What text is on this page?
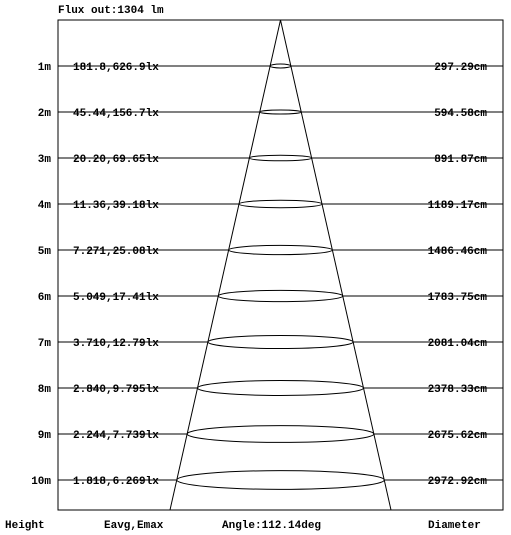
Flux out:1304 lm
1m 181.8,626.9lx	297.29cm
2m 45.44,156.7lx	594.58cm
3m 20.20,69.65lx	891.87cm
4m 11.36,39.18lx	1189.17cm
5m 7.271,25.08lx	1486.46cm
6m 5.049,17.41lx	1783.75cm
7m 3.710,12.79lx	2081.04cm
8m 2.840,9.795lx	2378.33cm
9m 2.244,7.739lx	2675.62cm
10m 1.818,6.269lx	2972.92cm
Height	Eavg,Emax	Angle:112.14deg	Diameter
